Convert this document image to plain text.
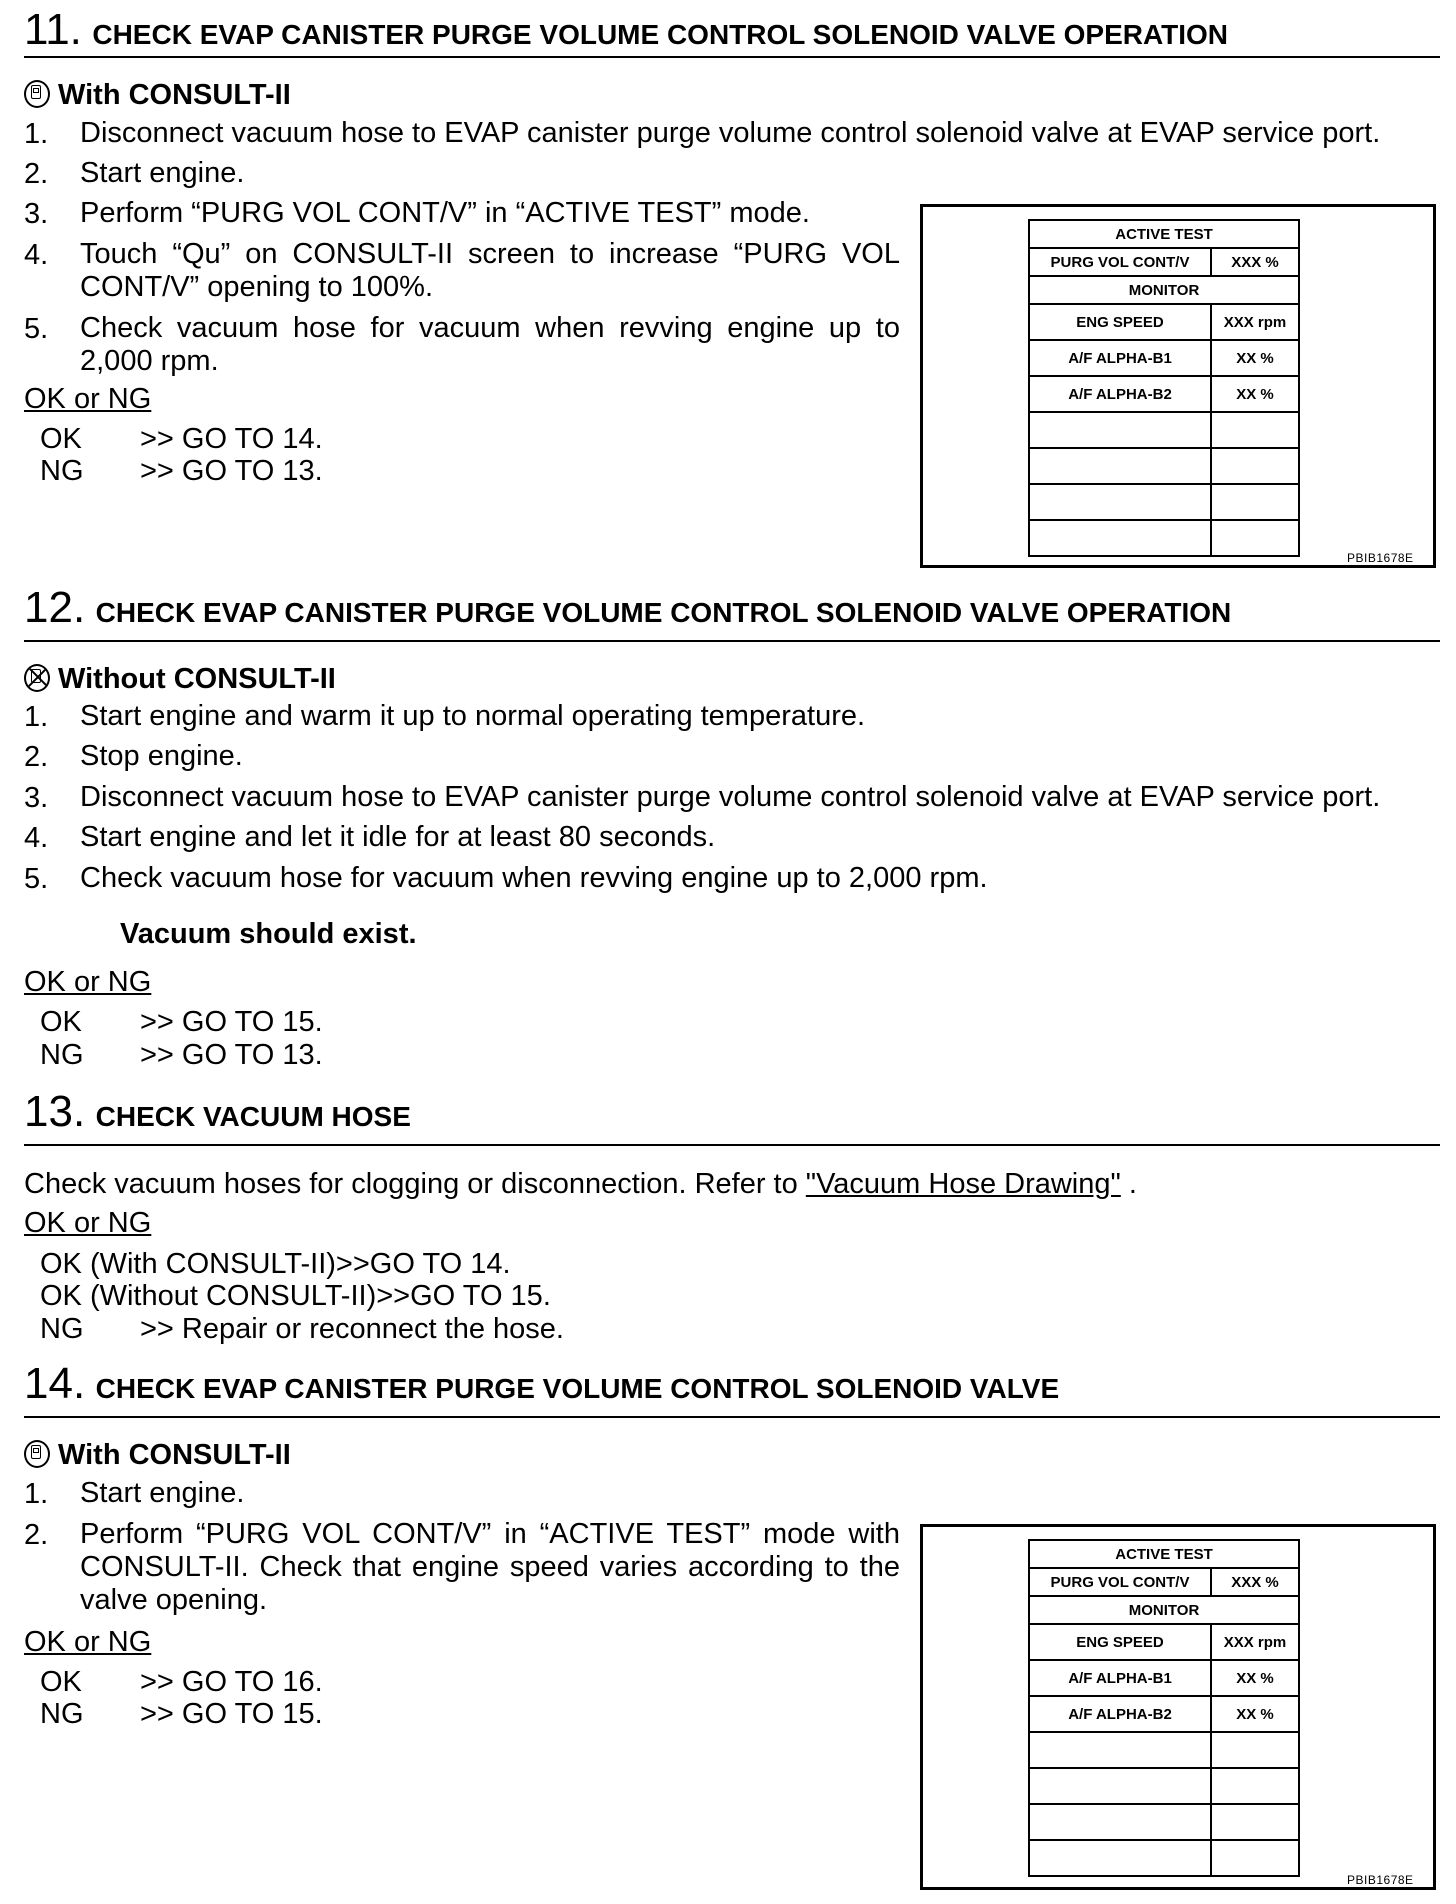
11. CHECK EVAP CANISTER PURGE VOLUME CONTROL SOLENOID VALVE OPERATION
With CONSULT-II
1. Disconnect vacuum hose to EVAP canister purge volume control solenoid valve at EVAP service port.
2. Start engine.
3. Perform “PURG VOL CONT/V” in “ACTIVE TEST” mode.
4. Touch “Qu” on CONSULT-II screen to increase “PURG VOL CONT/V” opening to 100%.
5. Check vacuum hose for vacuum when revving engine up to 2,000 rpm.
OK or NG
OK >> GO TO 14.
NG >> GO TO 13.
ACTIVE TEST	
PURG VOL CONT/V	XXX %
MONITOR	
ENG SPEED	XXX rpm
A/F ALPHA-B1	XX %
A/F ALPHA-B2	XX %

PBIB1678E
12. CHECK EVAP CANISTER PURGE VOLUME CONTROL SOLENOID VALVE OPERATION
Without CONSULT-II
1. Start engine and warm it up to normal operating temperature.
2. Stop engine.
3. Disconnect vacuum hose to EVAP canister purge volume control solenoid valve at EVAP service port.
4. Start engine and let it idle for at least 80 seconds.
5. Check vacuum hose for vacuum when revving engine up to 2,000 rpm.
Vacuum should exist.
OK or NG
OK >> GO TO 15.
NG >> GO TO 13.
13. CHECK VACUUM HOSE
Check vacuum hoses for clogging or disconnection. Refer to "Vacuum Hose Drawing" .
OK or NG
OK (With CONSULT-II)>>GO TO 14.
OK (Without CONSULT-II)>>GO TO 15.
NG >> Repair or reconnect the hose.
14. CHECK EVAP CANISTER PURGE VOLUME CONTROL SOLENOID VALVE
With CONSULT-II
1. Start engine.
2. Perform “PURG VOL CONT/V” in “ACTIVE TEST” mode with CONSULT-II. Check that engine speed varies according to the valve opening.
OK or NG
OK >> GO TO 16.
NG >> GO TO 15.
ACTIVE TEST	
PURG VOL CONT/V	XXX %
MONITOR	
ENG SPEED	XXX rpm
A/F ALPHA-B1	XX %
A/F ALPHA-B2	XX %

PBIB1678E
